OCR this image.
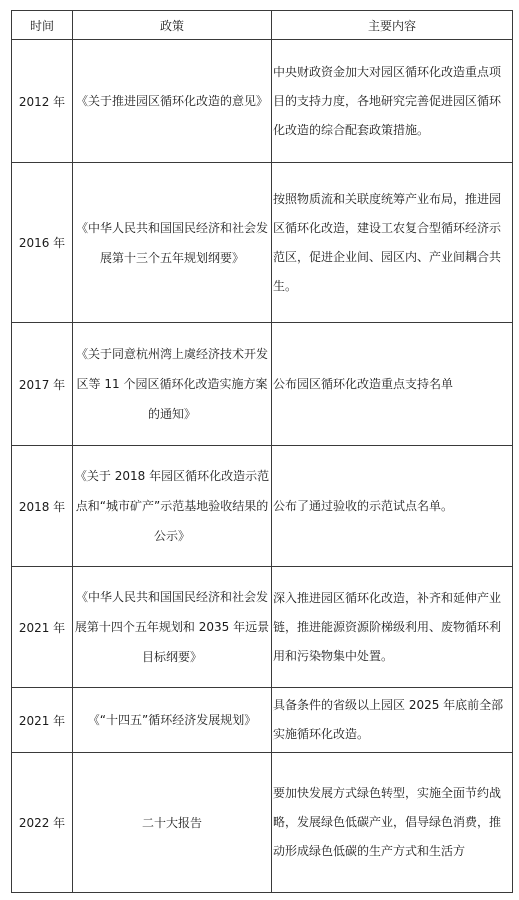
时间	政策	主要内容
2012 年	《关于推进园区循环化改造的意见》	中央财政资金加大对园区循环化改造重点项目的支持力度，各地研究完善促进园区循环化改造的综合配套政策措施。

2016 年	《中华人民共和国国民经济和社会发展第十三个五年规划纲要》	按照物质流和关联度统筹产业布局，推进园区循环化改造，建设工农复合型循环经济示范区，促进企业间、园区内、产业间耦合共生。

2017 年	《关于同意杭州湾上虞经济技术开发区等 11 个园区循环化改造实施方案的通知》	公布园区循环化改造重点支持名单

2018 年	《关于 2018 年园区循环化改造示范点和“城市矿产”示范基地验收结果的公示》	公布了通过验收的示范试点名单。

2021 年	《中华人民共和国国民经济和社会发展第十四个五年规划和 2035 年远景目标纲要》	深入推进园区循环化改造，补齐和延伸产业链，推进能源资源阶梯级利用、废物循环利用和污染物集中处置。

2021 年	《“十四五”循环经济发展规划》	具备条件的省级以上园区 2025 年底前全部实施循环化改造。

2022 年	二十大报告	要加快发展方式绿色转型，实施全面节约战略，发展绿色低碳产业，倡导绿色消费，推动形成绿色低碳的生产方式和生活方
